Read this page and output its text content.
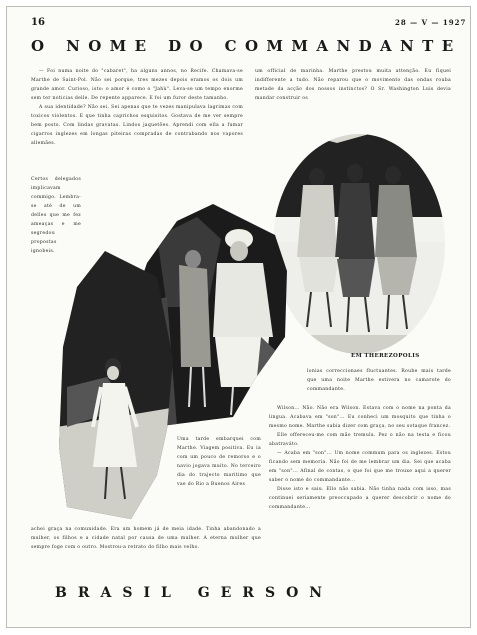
16	28 — V — 1927
O NOME DO COMMANDANTE

— Foi numa noite do "cabaret", ha alguns annos, no Recife. Chamava-se Marthe de Saint-Pol. Não sei porque, tres mezes depois eramos os dois um grande amor. Curioso, isto: o amor é como o "Jahù". Leva-se um tempo enorme sem ter noticias delle. De repente apparece. E foi um furor deste tamanho.

A sua identidade? Não sei. Sei apenas que te vezes manipulava lagrimas com toxicos violentos. E que tinha caprichos esquisitos. Gostava de me ver sempre bem posto. Com lindas gravatas. Lindos jaquetões. Aprendi com ella a fumar cigarros inglezes em longas piteiras compradas de contrabando nos vapores allemães.

Certos delegados implicavam commigo. Lembra-se até de um delles que me fez ameaças e me segredou propostas ignobeis.

um official de marinha. Marthe prestou muita attenção. Eu fiquei indifferente a tudo. Não reparou que o movimento das ondas rouba metade da acção dos nossos instinctos? O Sr. Washington Luis devia mandar construir os

EM THEREZOPOLIS

lonias correccionaes fluctuantes. Roube mais tarde que uma noite Marthe estivera no camarote do commandante.

Wilson... Não. Não era Wilson. Estava com o nome na ponta da lingua. Acabava em "son"... Eu conheci um mosquito que tinha o mesmo nome. Marthe sabia dizer com graça, no seu sotaque francez.

Elle offereceu-me com mão tremula. Pez o não na testa e ficou abatraváto.

— Acaba em "son"... Um nome commum para os inglezes. Estou ficando sem memoria. Não foi de me lembrar um dia. Sei que acaba em "son"... Afinal de contas, o que foi que me trouxe aqui a querer saber o nome do commandante...

Disse isto e saiu. Ello não sabia. Não tinha nada com isso, mas continuei seriamente preoccupado a querer descobrir o nome do commandante...

Uma tarde embarquei com Marthe. Viagem positiva. Eu ia com um pouco de remorso e o navio jogava muito. No terceiro dia do trajecto maritimo que vae do Rio a Buenos Aires

achei graça na comunidade. Era um homem já de meia idade. Tinha abandonado a mulher, os filhos e a cidade natal por causa de uma mulher. A eterna mulher que sempre foge com o outro. Mostrou-a retrato do filho mais velho.

BRASIL GERSON
